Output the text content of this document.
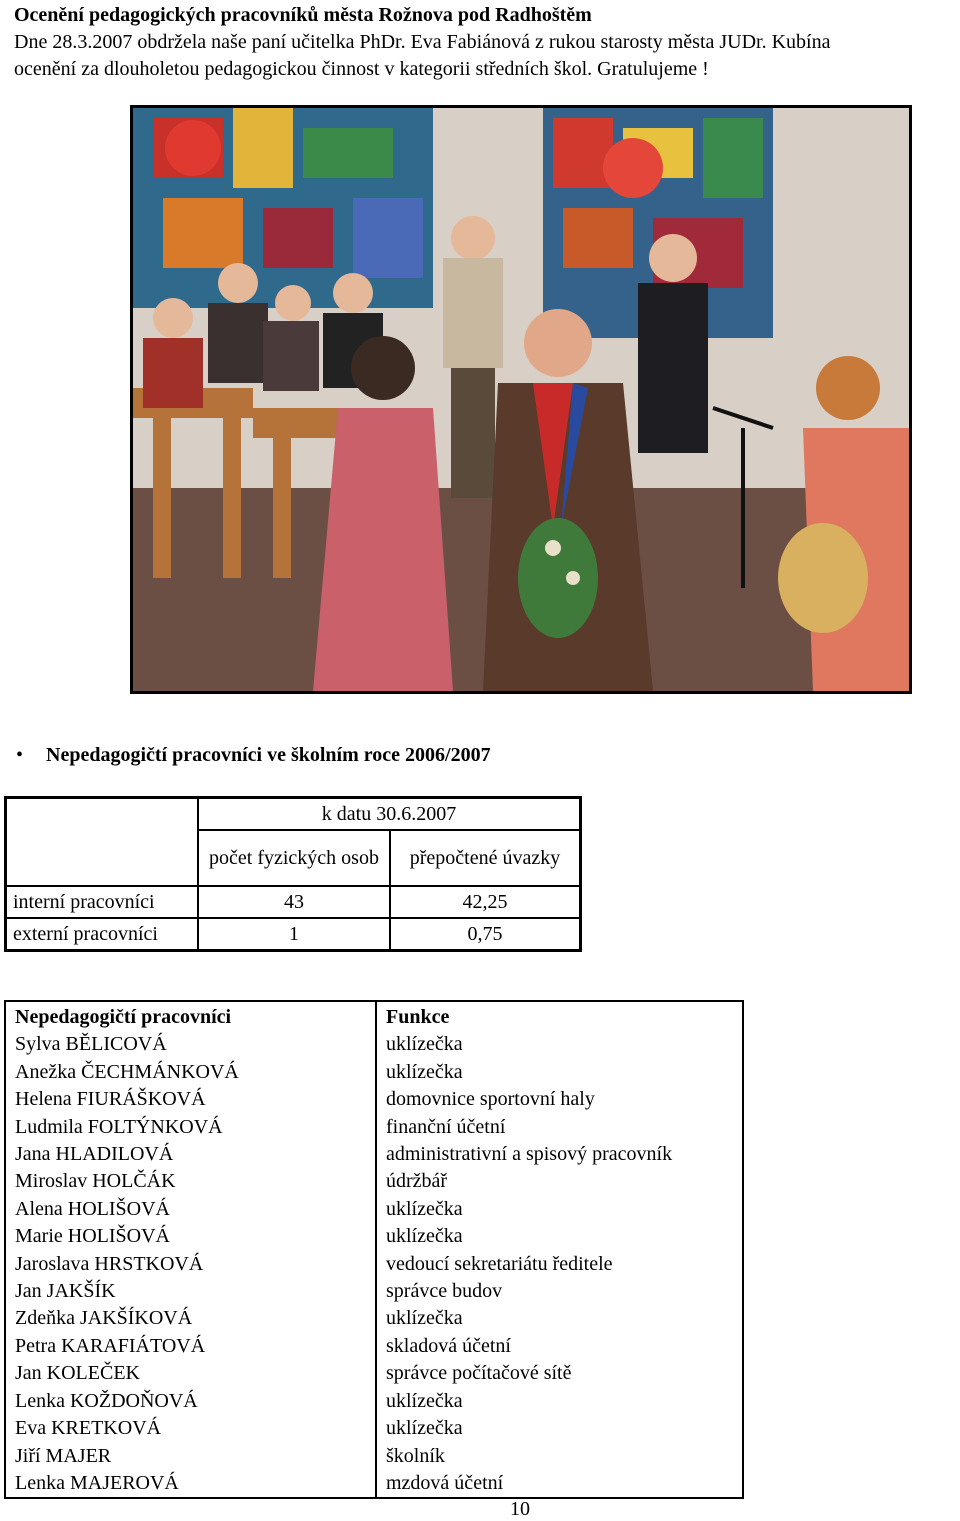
Ocenění pedagogických pracovníků města Rožnova pod Radhoštěm
Dne 28.3.2007 obdržela naše paní učitelka PhDr. Eva Fabiánová z rukou starosty města JUDr. Kubína
ocenění za dlouholetou pedagogickou činnost v kategorii středních škol. Gratulujeme !
• Nepedagogičtí pracovníci ve školním roce 2006/2007
	k datu 30.6.2007	
	počet fyzických osob	přepočtené úvazky
interní pracovníci	43	42,25
externí pracovníci	1	0,75
Nepedagogičtí pracovníci	Funkce
Sylva BĚLICOVÁ	uklízečka
Anežka ČECHMÁNKOVÁ	uklízečka
Helena FIURÁŠKOVÁ	domovnice sportovní haly
Ludmila FOLTÝNKOVÁ	finanční účetní
Jana HLADILOVÁ	administrativní a spisový pracovník
Miroslav HOLČÁK	údržbář
Alena HOLIŠOVÁ	uklízečka
Marie HOLIŠOVÁ	uklízečka
Jaroslava HRSTKOVÁ	vedoucí sekretariátu ředitele
Jan JAKŠÍK	správce budov
Zdeňka JAKŠÍKOVÁ	uklízečka
Petra KARAFIÁTOVÁ	skladová účetní
Jan KOLEČEK	správce počítačové sítě
Lenka KOŽDOŇOVÁ	uklízečka
Eva KRETKOVÁ	uklízečka
Jiří MAJER	školník
Lenka MAJEROVÁ	mzdová účetní
10
